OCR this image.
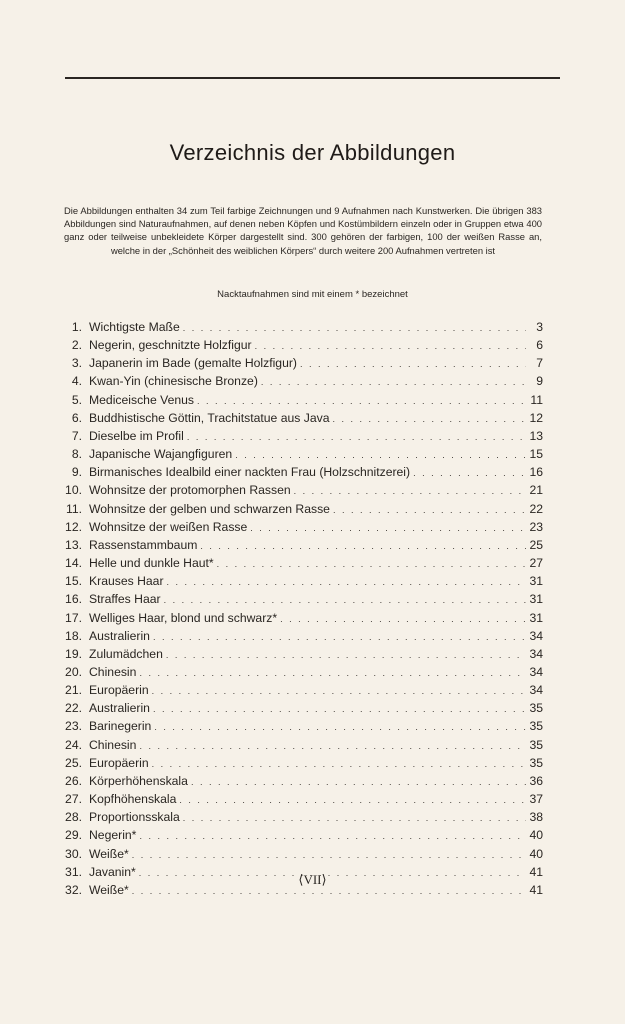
Verzeichnis der Abbildungen

Die Abbildungen enthalten 34 zum Teil farbige Zeichnungen und 9 Aufnahmen nach Kunstwerken. Die übrigen 383 Abbildungen sind Naturaufnahmen, auf denen neben Köpfen und Kostümbildern einzeln oder in Gruppen etwa 400 ganz oder teilweise unbekleidete Körper dargestellt sind. 300 gehören der farbigen, 100 der weißen Rasse an, welche in der „Schönheit des weiblichen Körpers“ durch weitere 200 Aufnahmen vertreten ist

Nacktaufnahmen sind mit einem * bezeichnet

1. Wichtigste Maße . . .	3
2. Negerin, geschnitzte Holzfigur . . .	6
3. Japanerin im Bade (gemalte Holzfigur) . . .	7
4. Kwan-Yin (chinesische Bronze) . . .	9
5. Mediceische Venus . . .	11
6. Buddhistische Göttin, Trachitstatue aus Java . . .	12
7. Dieselbe im Profil . . .	13
8. Japanische Wajangfiguren . . .	15
9. Birmanisches Idealbild einer nackten Frau (Holzschnitzerei) . . .	16
10. Wohnsitze der protomorphen Rassen . . .	21
11. Wohnsitze der gelben und schwarzen Rasse . . .	22
12. Wohnsitze der weißen Rasse . . .	23
13. Rassenstammbaum . . .	25
14. Helle und dunkle Haut* . . .	27
15. Krauses Haar . . .	31
16. Straffes Haar . . .	31
17. Welliges Haar, blond und schwarz* . . .	31
18. Australierin . . .	34
19. Zulumädchen . . .	34
20. Chinesin . . .	34
21. Europäerin . . .	34
22. Australierin . . .	35
23. Barinegerin . . .	35
24. Chinesin . . .	35
25. Europäerin . . .	35
26. Körperhöhenskala . . .	36
27. Kopfhöhenskala . . .	37
28. Proportionsskala . . .	38
29. Negerin* . . .	40
30. Weiße* . . .	40
31. Javanin* . . .	41
32. Weiße* . . .	41
⟨VII⟩
